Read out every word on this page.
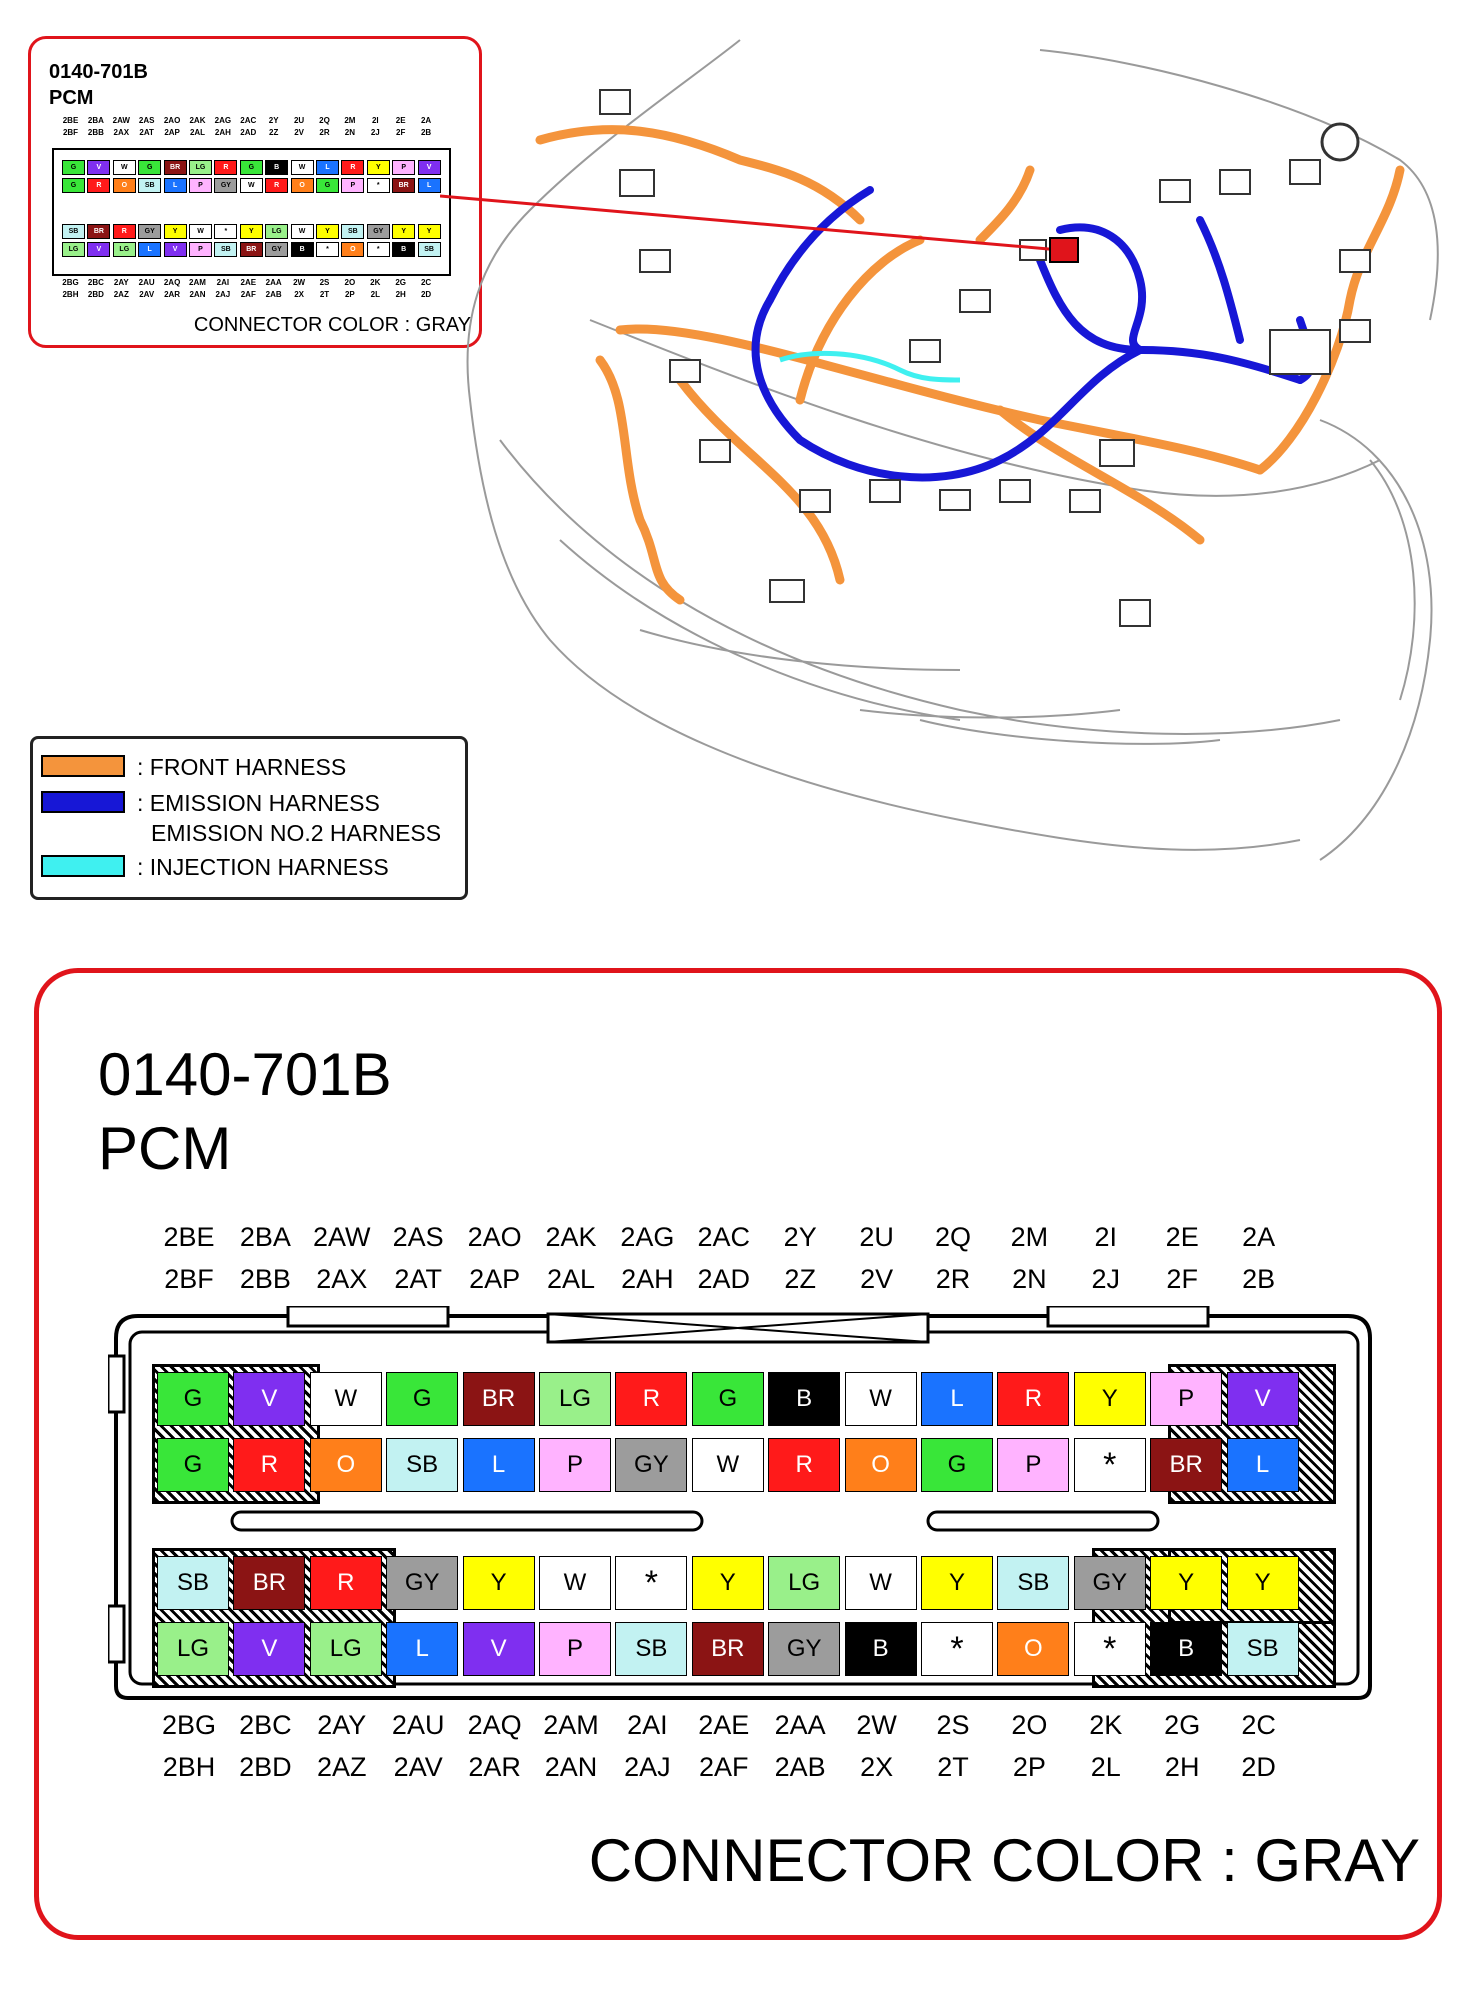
0140-701B
PCM
CONNECTOR COLOR : GRAY
2BE	2BA	2AW	2AS	2AO	2AK	2AG	2AC	2Y	2U	2Q	2M	2I	2E	2A
2BF	2BB	2AX	2AT	2AP	2AL	2AH	2AD	2Z	2V	2R	2N	2J	2F	2B
2BG	2BC	2AY	2AU	2AQ	2AM	2AI	2AE	2AA	2W	2S	2O	2K	2G	2C
2BH	2BD	2AZ	2AV	2AR	2AN	2AJ	2AF	2AB	2X	2T	2P	2L	2H	2D
G	V	W	G	BR	LG	R	G	B	W	L	R	Y	P	V
G	R	O	SB	L	P	GY	W	R	O	G	P	*	BR	L
SB	BR	R	GY	Y	W	*	Y	LG	W	Y	SB	GY	Y	Y
LG	V	LG	L	V	P	SB	BR	GY	B	*	O	*	B	SB
: FRONT HARNESS
: EMISSION HARNESS
EMISSION NO.2 HARNESS
: INJECTION HARNESS
0140-701B
PCM
2BE 2BA 2AW 2AS 2AO 2AK 2AG 2AC	2Y	2U	2Q	2M	2I	2E	2A
2BF 2BB 2AX	2AT	2AP 2AL 2AH 2AD	2Z	2V	2R	2N	2J	2F	2B
2BG 2BC 2AY 2AU 2AQ 2AM	2AI	2AE 2AA	2W	2S	2O	2K	2G	2C
2BH 2BD 2AZ	2AV 2AR 2AN 2AJ	2AF 2AB	2X	2T	2P	2L	2H	2D
G	V	W	G	BR	LG	R	G	B	W	L	R	Y	P	V
G	R	O	SB	L	P	GY	W	R	O	G	P	*	BR	L
SB	BR	R	GY	Y	W	*	Y	LG	W	Y	SB	GY	Y	Y
LG	V	LG	L	V	P	SB	BR	GY	B	*	O	*	B	SB
CONNECTOR COLOR : GRAY
